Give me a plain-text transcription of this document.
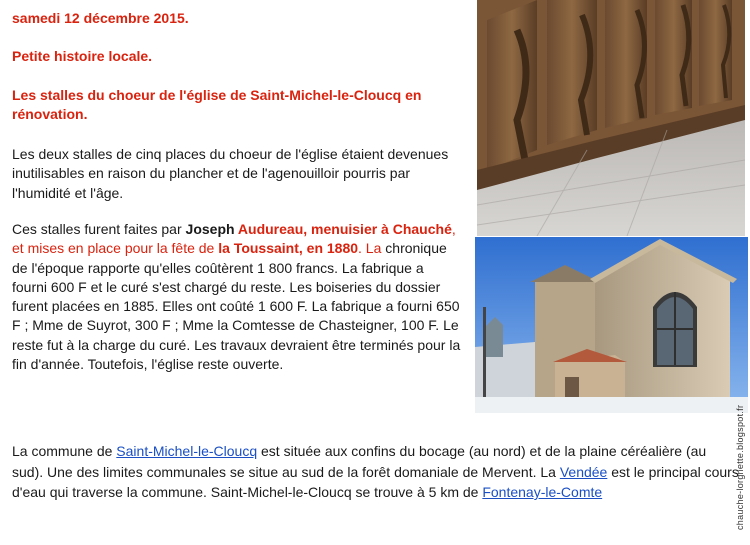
samedi 12 décembre 2015.
Petite histoire locale.
Les stalles du choeur de l'église de Saint-Michel-le-Cloucq en rénovation.
Les deux stalles de cinq places du choeur de l'église étaient devenues inutilisables en raison du plancher et de l'agenouilloir pourris par l'humidité et l'âge.
Ces stalles furent faites par Joseph Audureau, menuisier à Chauché, et mises en place pour la fête de la Toussaint, en 1880. La chronique de l'époque rapporte qu'elles coûtèrent 1 800 francs. La fabrique a fourni 600 F et le curé s'est chargé du reste. Les boiseries du dossier furent placées en 1885. Elles ont coûté 1 600 F. La fabrique a fourni 650 F ; Mme de Suyrot, 300 F ; Mme la Comtesse de Chasteigner, 100 F. Le reste fut à la charge du curé. Les travaux devraient être terminés pour la fin d'année. Toutefois, l'église reste ouverte.
La commune de Saint-Michel-le-Cloucq est située aux confins du bocage (au nord) et de la plaine céréalière (au sud). Une des limites communales se situe au sud de la forêt domaniale de Mervent. La Vendée est le principal cours d'eau qui traverse la commune. Saint-Michel-le-Cloucq se trouve à 5 km de Fontenay-le-Comte	chauche-lorgnette.blogspot.fr
